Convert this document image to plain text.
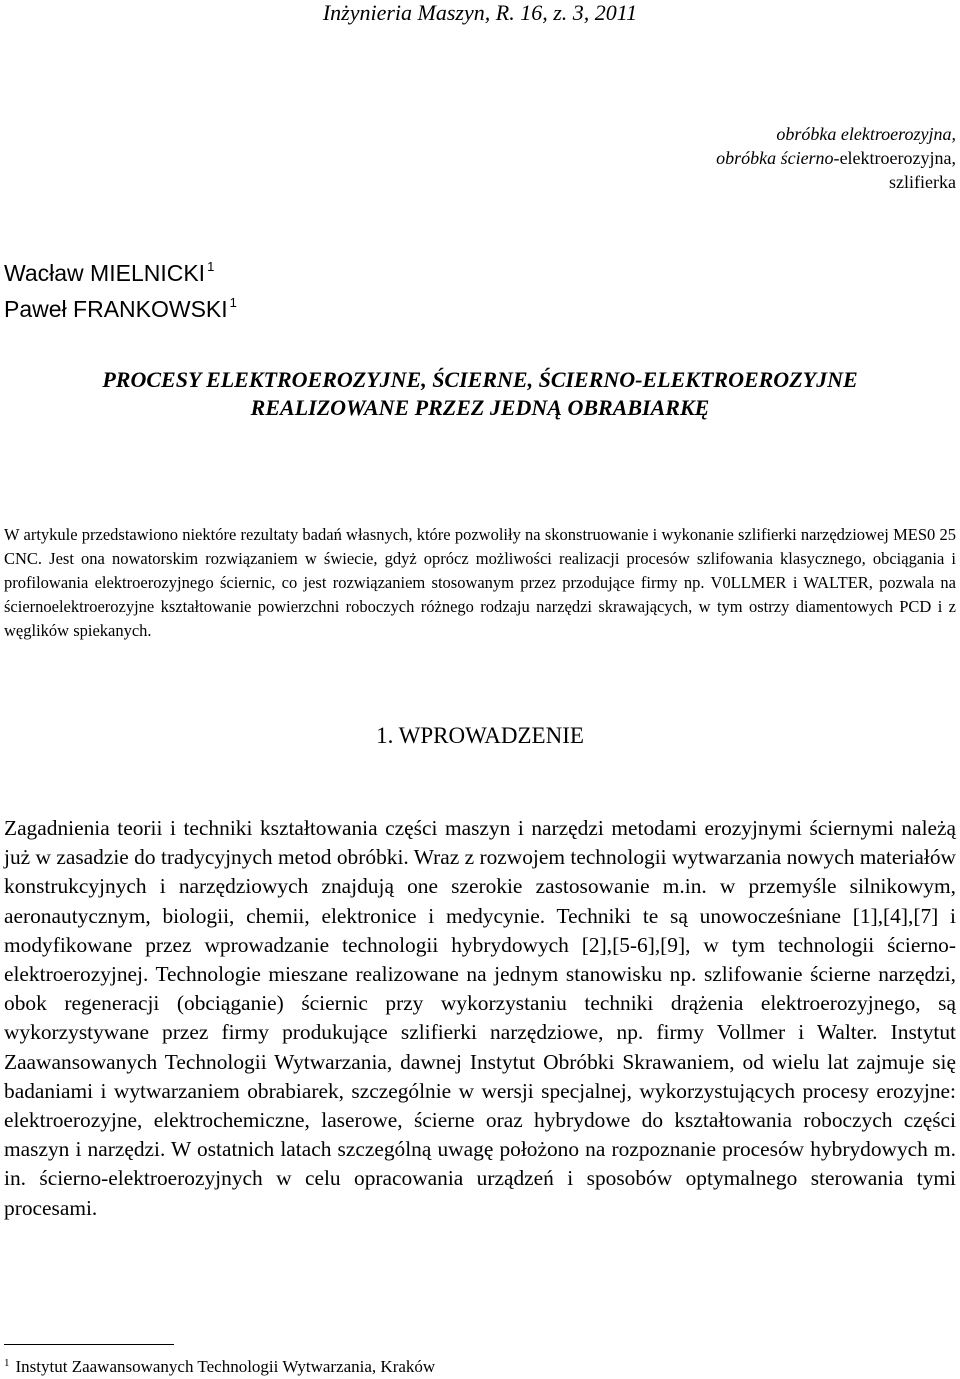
Inżynieria Maszyn, R. 16, z. 3, 2011
obróbka elektroerozyjna,
obróbka ścierno-elektroerozyjna,
szlifierka
Wacław MIELNICKI $^1$
Paweł FRANKOWSKI $^1$
PROCESY ELEKTROEROZYJNE, ŚCIERNE, ŚCIERNO-ELEKTROEROZYJNE
REALIZOWANE PRZEZ JEDNĄ OBRABIARKĘ
W artykule przedstawiono niektóre rezultaty badań własnych, które pozwoliły na skonstruowanie i wykonanie szlifierki narzędziowej MES0 25 CNC. Jest ona nowatorskim rozwiązaniem w świecie, gdyż oprócz możliwości realizacji procesów szlifowania klasycznego, obciągania i profilowania elektroerozyjnego ściernic, co jest rozwiązaniem stosowanym przez przodujące firmy np. V0LLMER i WALTER, pozwala na ściernoelektroerozyjne kształtowanie powierzchni roboczych różnego rodzaju narzędzi skrawających, w tym ostrzy diamentowych PCD i z węglików spiekanych.
1. WPROWADZENIE
Zagadnienia teorii i techniki kształtowania części maszyn i narzędzi metodami erozyjnymi ściernymi należą już w zasadzie do tradycyjnych metod obróbki. Wraz z rozwojem technologii wytwarzania nowych materiałów konstrukcyjnych i narzędziowych znajdują one szerokie zastosowanie m.in. w przemyśle silnikowym, aeronautycznym, biologii, chemii, elektronice i medycynie. Techniki te są unowocześniane [1],[4],[7] i modyfikowane przez wprowadzanie technologii hybrydowych [2],[5-6],[9], w tym technologii ścierno-elektroerozyjnej. Technologie mieszane realizowane na jednym stanowisku np. szlifowanie ścierne narzędzi, obok regeneracji (obciąganie) ściernic przy wykorzystaniu techniki drążenia elektroerozyjnego, są wykorzystywane przez firmy produkujące szlifierki narzędziowe, np. firmy Vollmer i Walter. Instytut Zaawansowanych Technologii Wytwarzania, dawnej Instytut Obróbki Skrawaniem, od wielu lat zajmuje się badaniami i wytwarzaniem obrabiarek, szczególnie w wersji specjalnej, wykorzystujących procesy erozyjne: elektroerozyjne, elektrochemiczne, laserowe, ścierne oraz hybrydowe do kształtowania roboczych części maszyn i narzędzi. W ostatnich latach szczególną uwagę położono na rozpoznanie procesów hybrydowych m. in. ścierno-elektroerozyjnych w celu opracowania urządzeń i sposobów optymalnego sterowania tymi procesami.
$^1$ Instytut Zaawansowanych Technologii Wytwarzania, Kraków
